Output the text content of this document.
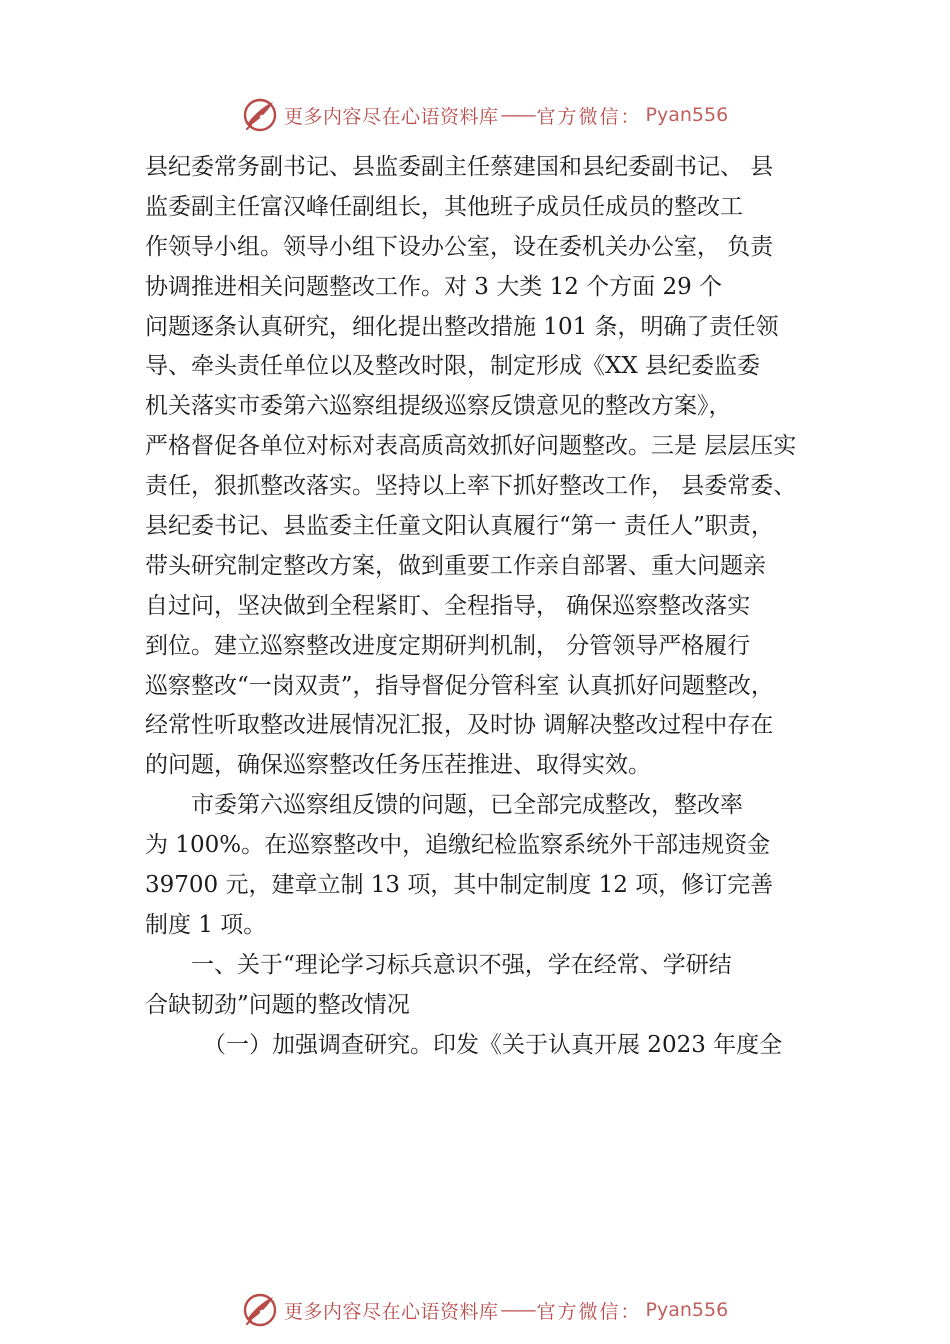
更多内容尽在心语资料库 —— 官方微信： Pyan556
县纪委常务副书记、县监委副主任蔡建国和县纪委副书记、 县
监委副主任富汉峰任副组长，其他班子成员任成员的整改工
作领导小组。领导小组下设办公室，设在委机关办公室， 负责
协调推进相关问题整改工作。对 3 大类 12 个方面 29 个
问题逐条认真研究，细化提出整改措施 101 条，明确了责任领
导、牵头责任单位以及整改时限，制定形成《XX 县纪委监委
机关落实市委第六巡察组提级巡察反馈意见的整改方案》，
严格督促各单位对标对表高质高效抓好问题整改。三是 层层压实
责任，狠抓整改落实。坚持以上率下抓好整改工作， 县委常委、
县纪委书记、县监委主任童文阳认真履行“第一 责任人”职责，
带头研究制定整改方案，做到重要工作亲自部署、重大问题亲
自过问，坚决做到全程紧盯、全程指导， 确保巡察整改落实
到位。建立巡察整改进度定期研判机制， 分管领导严格履行
巡察整改“一岗双责”，指导督促分管科室 认真抓好问题整改，
经常性听取整改进展情况汇报，及时协 调解决整改过程中存在
的问题，确保巡察整改任务压茬推进、取得实效。
市委第六巡察组反馈的问题，已全部完成整改，整改率
为 100%。在巡察整改中，追缴纪检监察系统外干部违规资金
39700 元，建章立制 13 项，其中制定制度 12 项，修订完善
制度 1 项。
一、关于“理论学习标兵意识不强，学在经常、学研结
合缺韧劲”问题的整改情况
（一）加强调查研究。印发《关于认真开展 2023 年度全
更多内容尽在心语资料库 —— 官方微信： Pyan556
